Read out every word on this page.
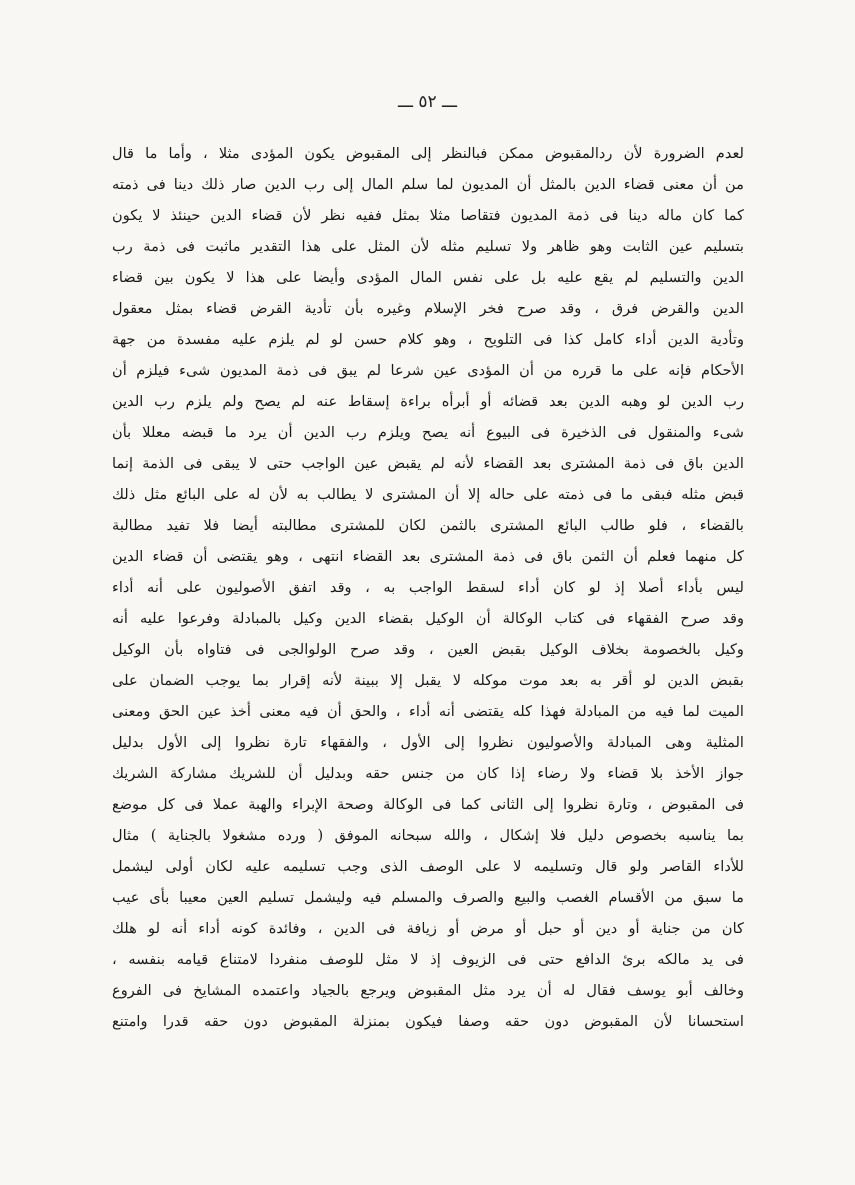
ـــ ٥٢ ـــ
لعدم الضرورة لأن ردالمقبوض ممكن فبالنظر إلى المقبوض يكون المؤدى مثلا ، وأما ما قال
من أن معنى قضاء الدين بالمثل أن المديون لما سلم المال إلى رب الدين صار ذلك دينا فى ذمته
كما كان ماله دينا فى ذمة المديون فتقاصا مثلا بمثل ففيه نظر لأن قضاء الدين حينئذ لا يكون
بتسليم عين الثابت وهو ظاهر ولا تسليم مثله لأن المثل على هذا التقدير ماثبت فى ذمة رب
الدين والتسليم لم يقع عليه بل على نفس المال المؤدى وأيضا على هذا لا يكون بين قضاء
الدين والقرض فرق ، وقد صرح فخر الإسلام وغيره بأن تأدية القرض قضاء بمثل معقول
وتأدية الدين أداء كامل كذا فى التلويح ، وهو كلام حسن لو لم يلزم عليه مفسدة من جهة
الأحكام فإنه على ما قرره من أن المؤدى عين شرعا لم يبق فى ذمة المديون شىء فيلزم أن
رب الدين لو وهبه الدين بعد قضائه أو أبرأه براءة إسقاط عنه لم يصح ولم يلزم رب الدين
شىء والمنقول فى الذخيرة فى البيوع أنه يصح ويلزم رب الدين أن يرد ما قبضه معللا بأن
الدين باق فى ذمة المشترى بعد القضاء لأنه لم يقبض عين الواجب حتى لا يبقى فى الذمة إنما
قبض مثله فبقى ما فى ذمته على حاله إلا أن المشترى لا يطالب به لأن له على البائع مثل ذلك
بالقضاء ، فلو طالب البائع المشترى بالثمن لكان للمشترى مطالبته أيضا فلا تفيد مطالبة
كل منهما فعلم أن الثمن باق فى ذمة المشترى بعد القضاء انتهى ، وهو يقتضى أن قضاء الدين
ليس بأداء أصلا إذ لو كان أداء لسقط الواجب به ، وقد اتفق الأصوليون على أنه أداء
وقد صرح الفقهاء فى كتاب الوكالة أن الوكيل بقضاء الدين وكيل بالمبادلة وفرعوا عليه أنه
وكيل بالخصومة بخلاف الوكيل بقبض العين ، وقد صرح الولوالجى فى فتاواه بأن الوكيل
بقبض الدين لو أقر به بعد موت موكله لا يقبل إلا ببينة لأنه إقرار بما يوجب الضمان على
الميت لما فيه من المبادلة فهذا كله يقتضى أنه أداء ، والحق أن فيه معنى أخذ عين الحق ومعنى
المثلية وهى المبادلة والأصوليون نظروا إلى الأول ، والفقهاء تارة نظروا إلى الأول بدليل
جواز الأخذ بلا قضاء ولا رضاء إذا كان من جنس حقه وبدليل أن للشريك مشاركة الشريك
فى المقبوض ، وتارة نظروا إلى الثانى كما فى الوكالة وصحة الإبراء والهبة عملا فى كل موضع
بما يناسبه بخصوص دليل فلا إشكال ، والله سبحانه الموفق ( ورده مشغولا بالجناية ) مثال
للأداء القاصر ولو قال وتسليمه لا على الوصف الذى وجب تسليمه عليه لكان أولى ليشمل
ما سبق من الأقسام الغصب والبيع والصرف والمسلم فيه وليشمل تسليم العين معيبا بأى عيب
كان من جناية أو دين أو حبل أو مرض أو زيافة فى الدين ، وفائدة كونه أداء أنه لو هلك
فى يد مالكه برئ الدافع حتى فى الزيوف إذ لا مثل للوصف منفردا لامتناع قيامه بنفسه ،
وخالف أبو يوسف فقال له أن يرد مثل المقبوض ويرجع بالجياد واعتمده المشايخ فى الفروع
استحسانا لأن المقبوض دون حقه وصفا فيكون بمنزلة المقبوض دون حقه قدرا وامتنع
